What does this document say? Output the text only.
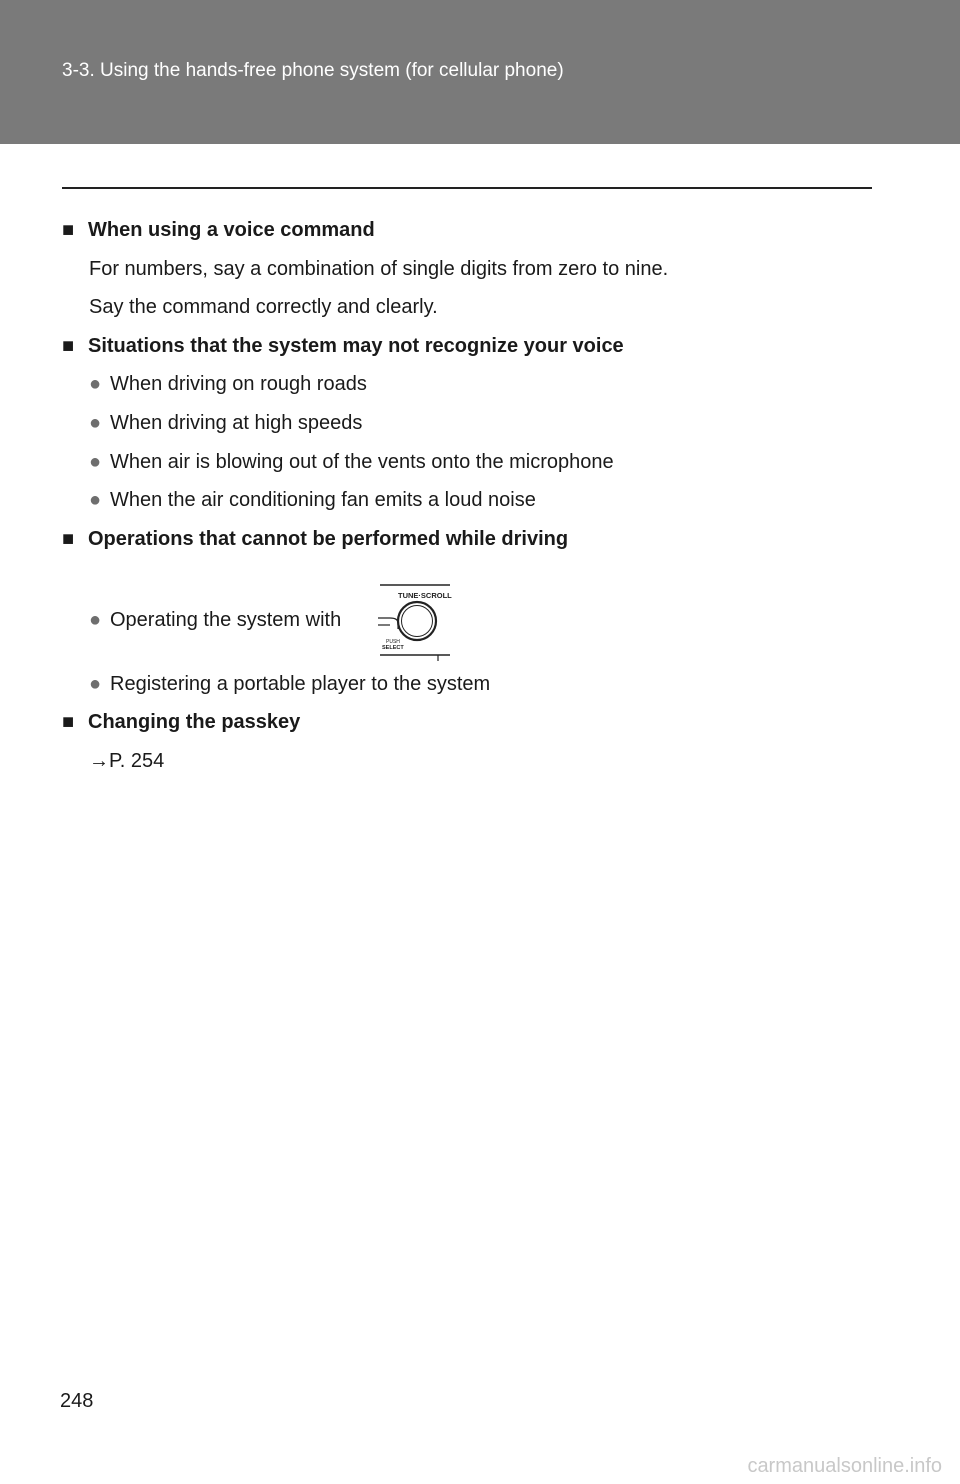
3-3. Using the hands-free phone system (for cellular phone)
■ When using a voice command
For numbers, say a combination of single digits from zero to nine.
Say the command correctly and clearly.
■ Situations that the system may not recognize your voice
● When driving on rough roads
● When driving at high speeds
● When air is blowing out of the vents onto the microphone
● When the air conditioning fan emits a loud noise
■ Operations that cannot be performed while driving
● Operating the system with
TUNE·SCROLL
PUSH
SELECT
● Registering a portable player to the system
■ Changing the passkey
→P. 254
248
carmanualsonline.info
